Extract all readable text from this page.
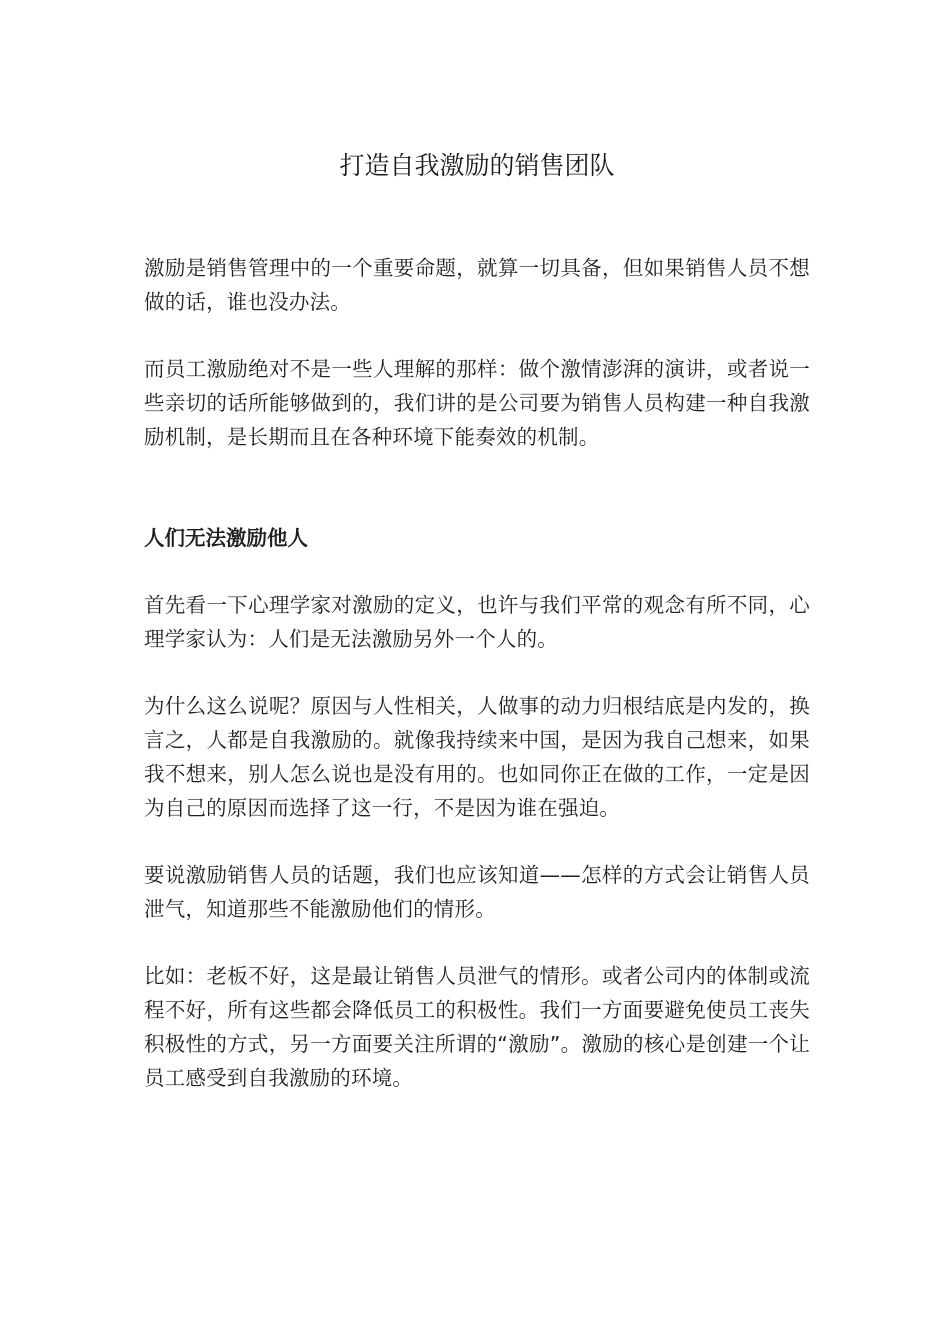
打造自我激励的销售团队

激励是销售管理中的一个重要命题，就算一切具备，但如果销售人员不想做的话，谁也没办法。

而员工激励绝对不是一些人理解的那样：做个激情澎湃的演讲，或者说一些亲切的话所能够做到的，我们讲的是公司要为销售人员构建一种自我激励机制，是长期而且在各种环境下能奏效的机制。

人们无法激励他人

首先看一下心理学家对激励的定义，也许与我们平常的观念有所不同，心理学家认为：人们是无法激励另外一个人的。

为什么这么说呢？原因与人性相关，人做事的动力归根结底是内发的，换言之，人都是自我激励的。就像我持续来中国，是因为我自己想来，如果我不想来，别人怎么说也是没有用的。也如同你正在做的工作，一定是因为自己的原因而选择了这一行，不是因为谁在强迫。

要说激励销售人员的话题，我们也应该知道——怎样的方式会让销售人员泄气，知道那些不能激励他们的情形。

比如：老板不好，这是最让销售人员泄气的情形。或者公司内的体制或流程不好，所有这些都会降低员工的积极性。我们一方面要避免使员工丧失积极性的方式，另一方面要关注所谓的“激励”。激励的核心是创建一个让员工感受到自我激励的环境。
